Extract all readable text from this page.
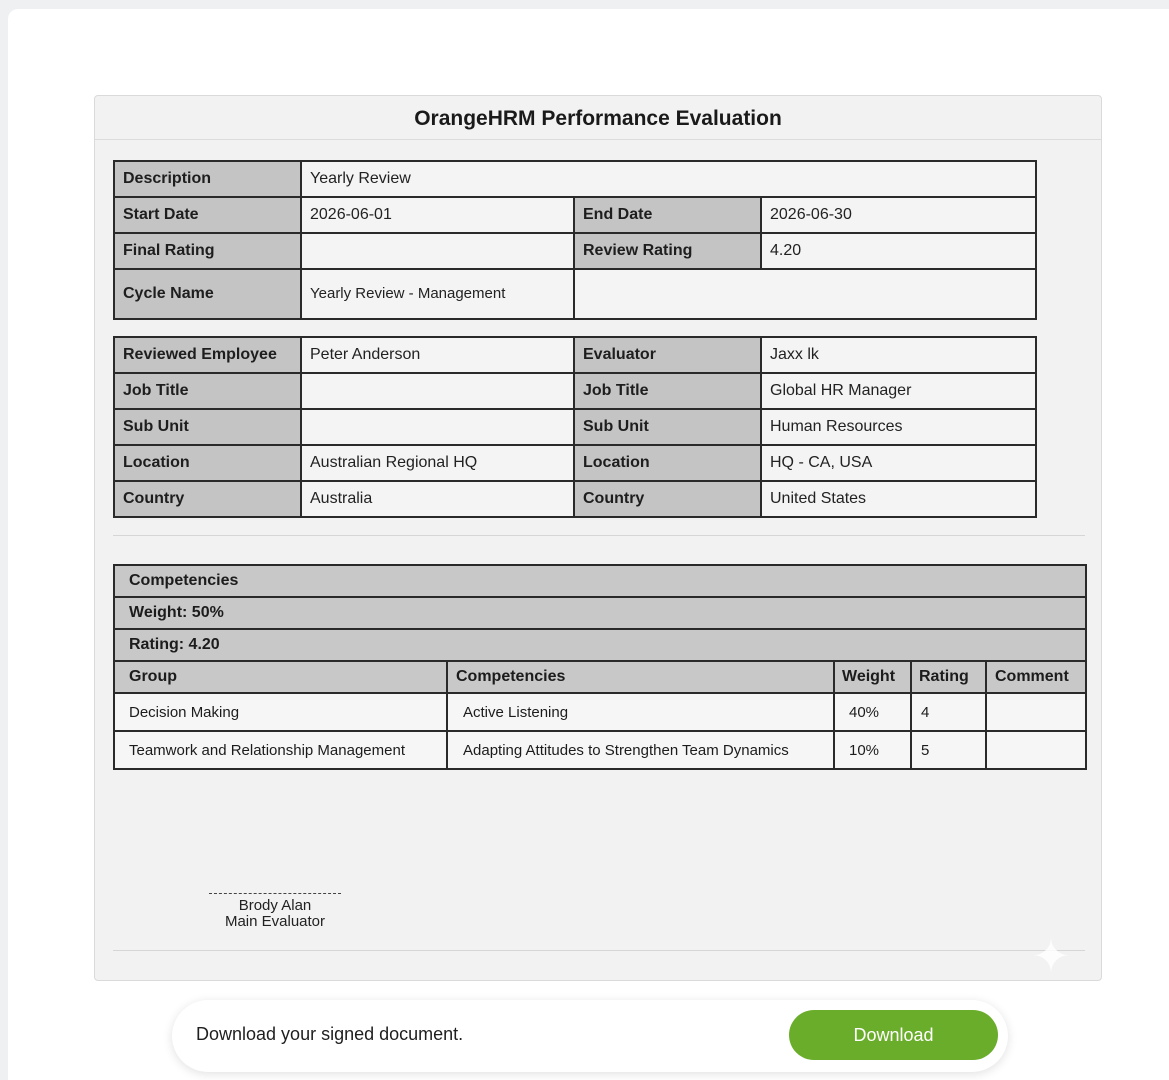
OrangeHRM Performance Evaluation
Description	Yearly Review		
Start Date	2026-06-01	End Date	2026-06-30
Final Rating		Review Rating	4.20
Cycle Name	Yearly Review - Management		
Reviewed Employee	Peter Anderson	Evaluator	Jaxx lk
Job Title		Job Title	Global HR Manager
Sub Unit		Sub Unit	Human Resources
Location	Australian Regional HQ	Location	HQ - CA, USA
Country	Australia	Country	United States
Competencies				
Weight: 50%				
Rating: 4.20				
Group	Competencies	Weight	Rating	Comment
Decision Making	Active Listening	40%	4	
Teamwork and Relationship Management	Adapting Attitudes to Strengthen Team Dynamics	10%	5	
Brody Alan
Main Evaluator
✦
Download your signed document.	Download
